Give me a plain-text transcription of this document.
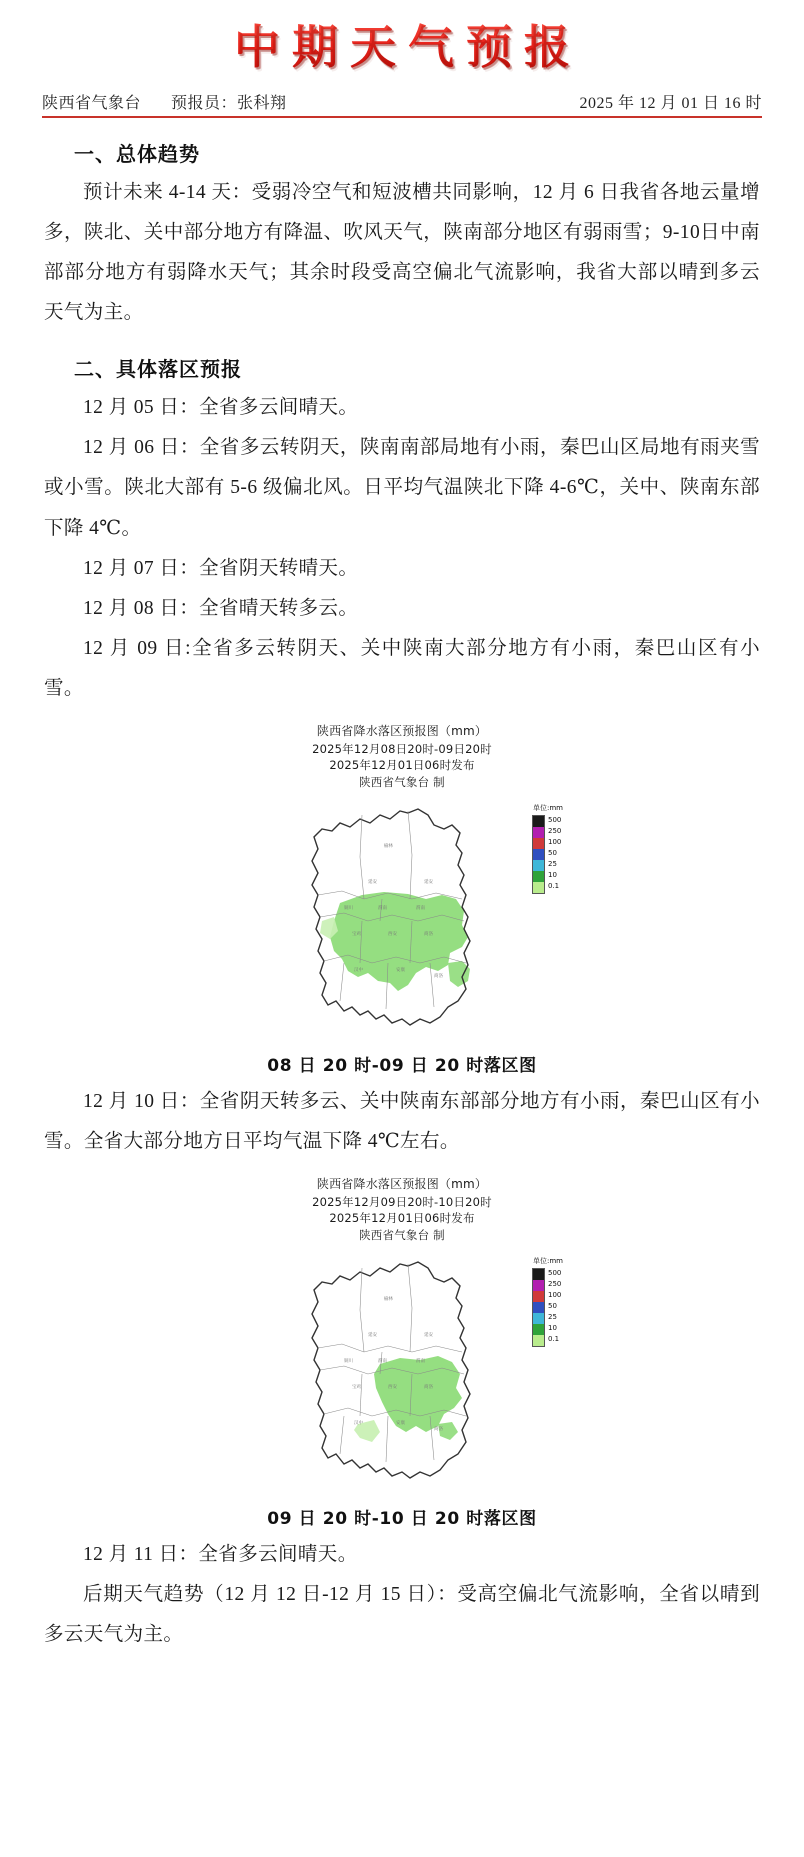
中期天气预报
陕西省气象台 预报员：张科翔	2025 年 12 月 01 日 16 时
一、总体趋势

预计未来 4-14 天：受弱冷空气和短波槽共同影响，12 月 6 日我省各地云量增多，陕北、关中部分地方有降温、吹风天气，陕南部分地区有弱雨雪；9-10日中南部部分地方有弱降水天气；其余时段受高空偏北气流影响，我省大部以晴到多云天气为主。

二、具体落区预报

12 月 05 日：全省多云间晴天。

12 月 06 日：全省多云转阴天，陕南南部局地有小雨，秦巴山区局地有雨夹雪或小雪。陕北大部有 5-6 级偏北风。日平均气温陕北下降 4-6℃，关中、陕南东部下降 4℃。

12 月 07 日：全省阴天转晴天。

12 月 08 日：全省晴天转多云。

12 月 09 日:全省多云转阴天、关中陕南大部分地方有小雨，秦巴山区有小雪。

陕西省降水落区预报图（mm）
2025年12月08日20时-09日20时
2025年12月01日06时发布
陕西省气象台 制
榆林
延安	延安
铜川	渭南	渭南
宝鸡	西安	商洛
汉中	安康
商洛
单位:mm
500
250
100
50
25
10
0.1
08 日 20 时-09 日 20 时落区图

12 月 10 日：全省阴天转多云、关中陕南东部部分地方有小雨，秦巴山区有小雪。全省大部分地方日平均气温下降 4℃左右。

陕西省降水落区预报图（mm）
2025年12月09日20时-10日20时
2025年12月01日06时发布
陕西省气象台 制
榆林
延安	延安
铜川	渭南	渭南
宝鸡	西安	商洛
汉中	安康
商洛
单位:mm
500
250
100
50
25
10
0.1
09 日 20 时-10 日 20 时落区图

12 月 11 日：全省多云间晴天。

后期天气趋势（12 月 12 日-12 月 15 日）：受高空偏北气流影响，全省以晴到多云天气为主。
